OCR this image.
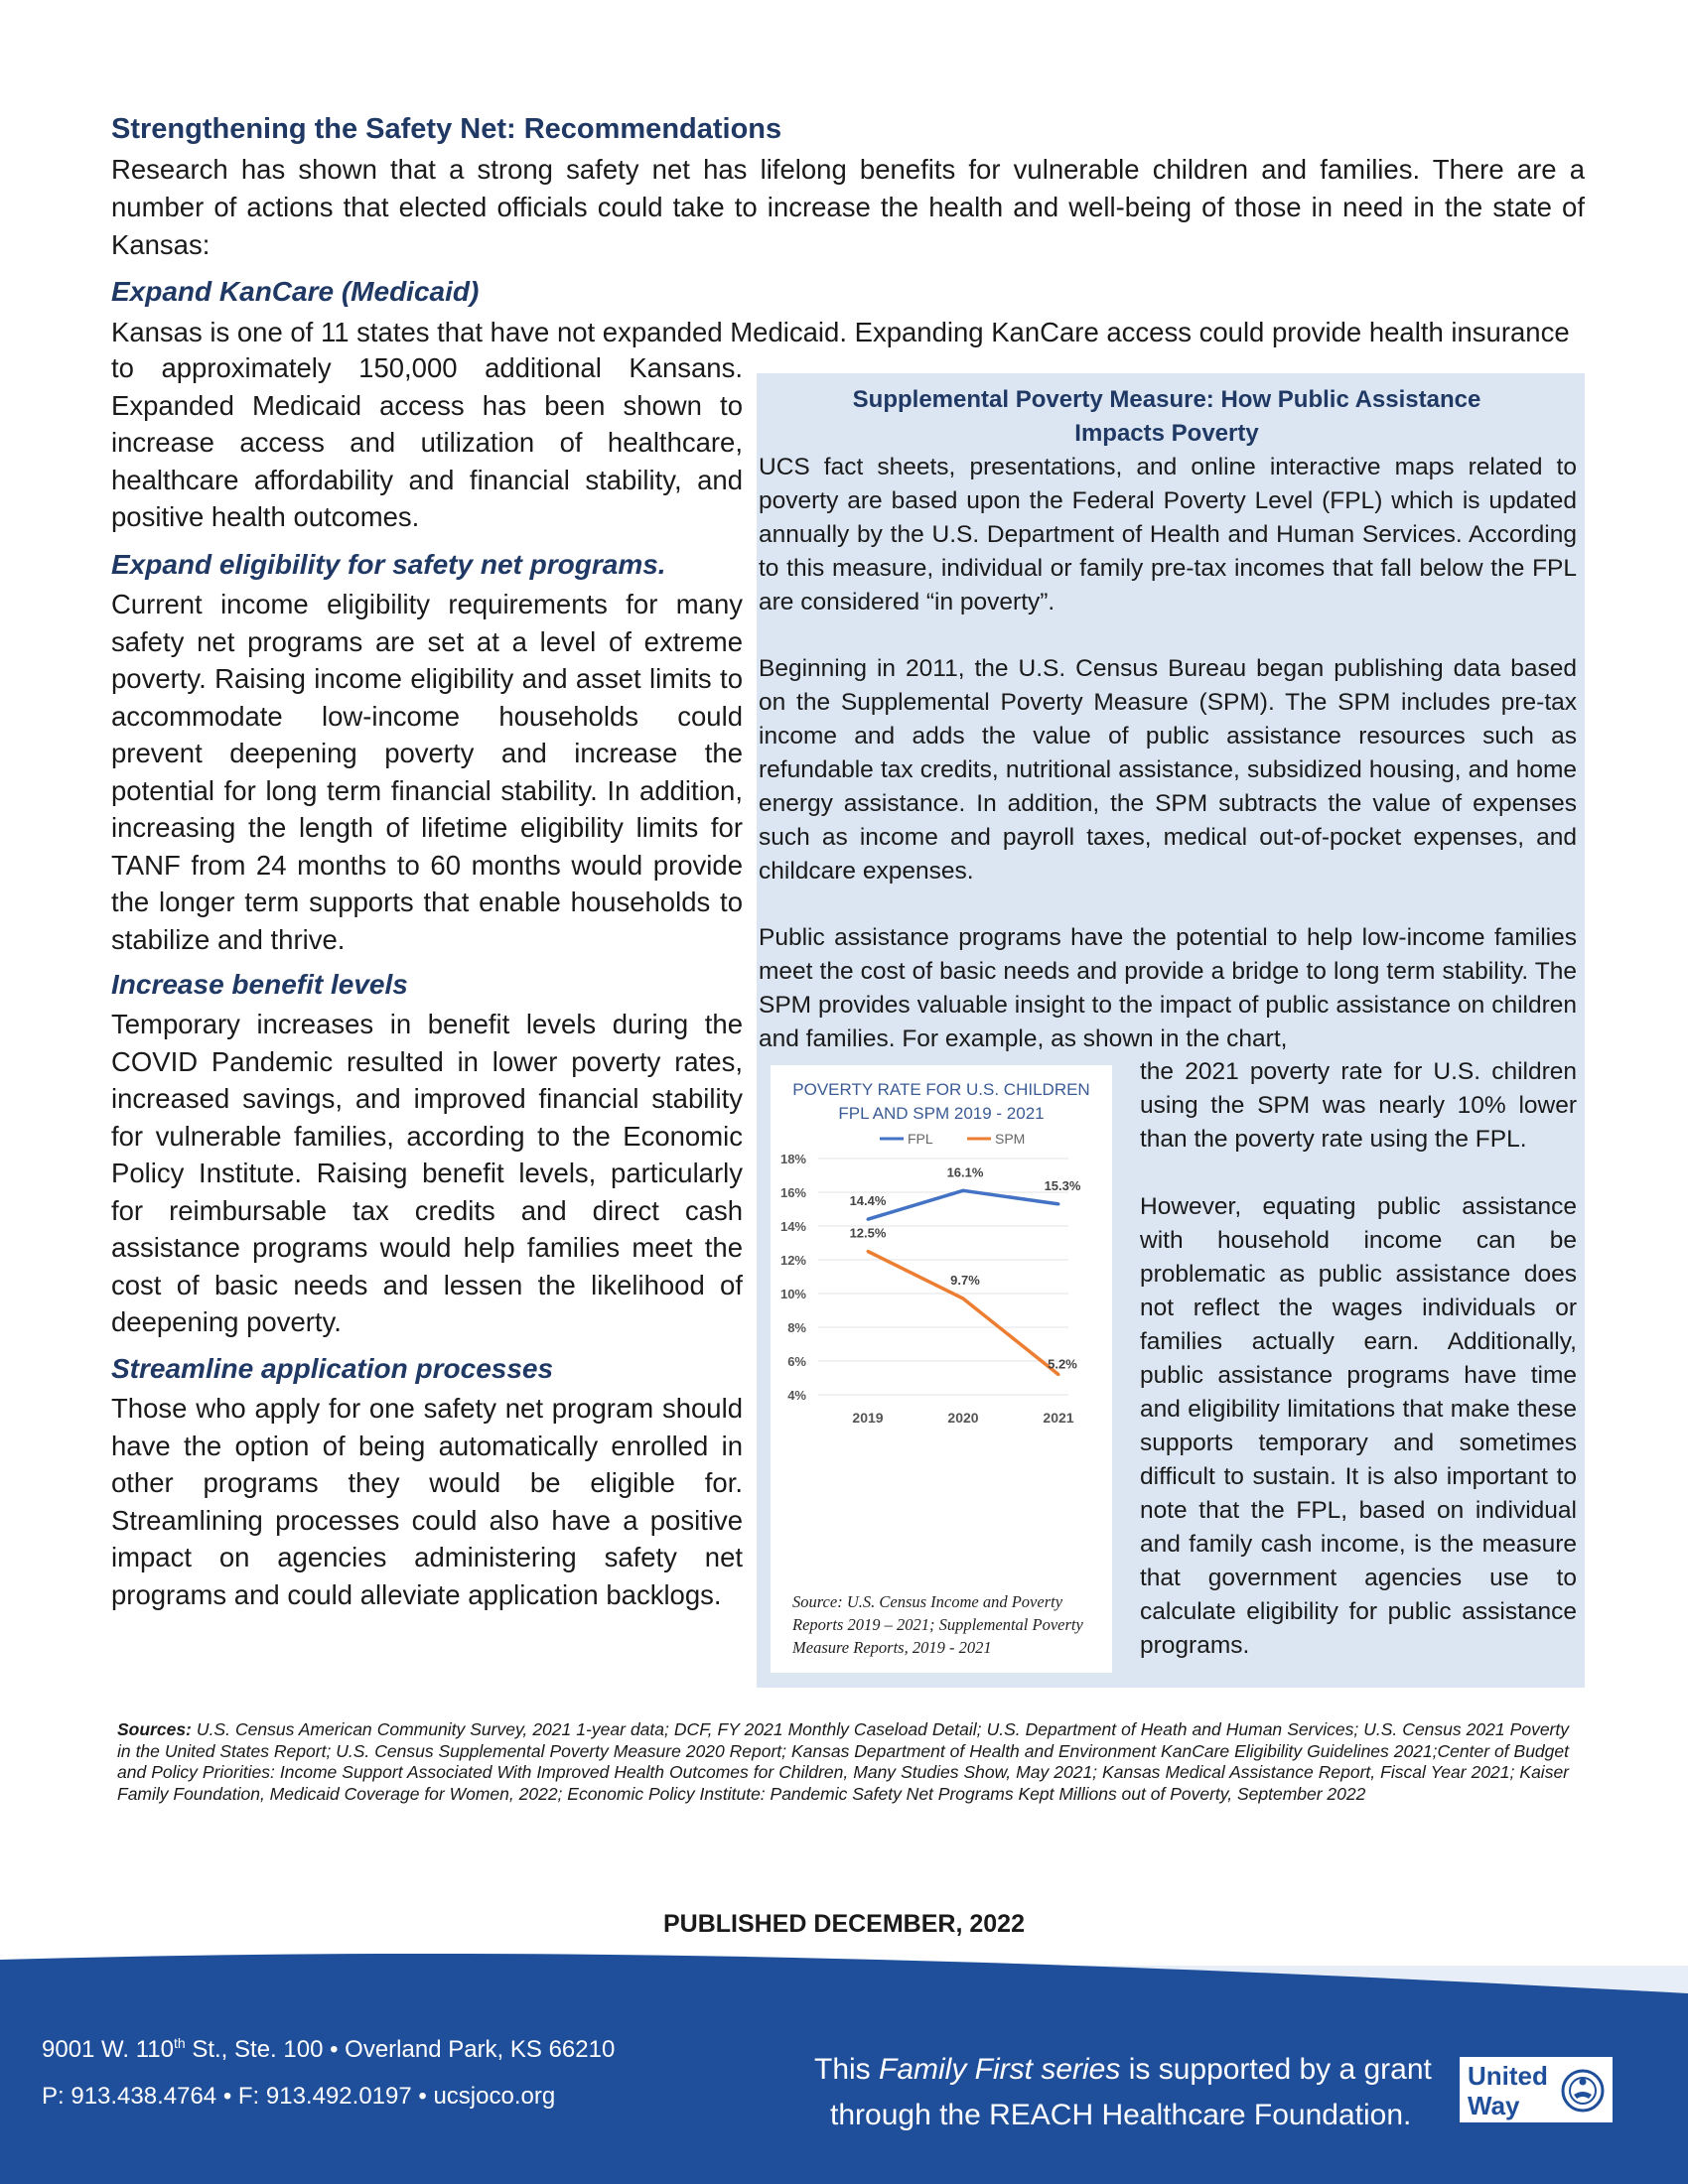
Strengthening the Safety Net: Recommendations
Research has shown that a strong safety net has lifelong benefits for vulnerable children and families. There are a number of actions that elected officials could take to increase the health and well-being of those in need in the state of Kansas:
Expand KanCare (Medicaid)
Kansas is one of 11 states that have not expanded Medicaid. Expanding KanCare access could provide health insurance
to approximately 150,000 additional Kansans. Expanded Medicaid access has been shown to increase access and utilization of healthcare, healthcare affordability and financial stability, and positive health outcomes.
Expand eligibility for safety net programs.
Current income eligibility requirements for many safety net programs are set at a level of extreme poverty. Raising income eligibility and asset limits to accommodate low-income households could prevent deepening poverty and increase the potential for long term financial stability. In addition, increasing the length of lifetime eligibility limits for TANF from 24 months to 60 months would provide the longer term supports that enable households to stabilize and thrive.
Increase benefit levels
Temporary increases in benefit levels during the COVID Pandemic resulted in lower poverty rates, increased savings, and improved financial stability for vulnerable families, according to the Economic Policy Institute. Raising benefit levels, particularly for reimbursable tax credits and direct cash assistance programs would help families meet the cost of basic needs and lessen the likelihood of deepening poverty.
Streamline application processes
Those who apply for one safety net program should have the option of being automatically enrolled in other programs they would be eligible for. Streamlining processes could also have a positive impact on agencies administering safety net programs and could alleviate application backlogs.
Supplemental Poverty Measure: How Public Assistance
Impacts Poverty
UCS fact sheets, presentations, and online interactive maps related to poverty are based upon the Federal Poverty Level (FPL) which is updated annually by the U.S. Department of Health and Human Services. According to this measure, individual or family pre-tax incomes that fall below the FPL are considered “in poverty”.
Beginning in 2011, the U.S. Census Bureau began publishing data based on the Supplemental Poverty Measure (SPM). The SPM includes pre-tax income and adds the value of public assistance resources such as refundable tax credits, nutritional assistance, subsidized housing, and home energy assistance. In addition, the SPM subtracts the value of expenses such as income and payroll taxes, medical out-of-pocket expenses, and childcare expenses.
Public assistance programs have the potential to help low-income families meet the cost of basic needs and provide a bridge to long term stability. The SPM provides valuable insight to the impact of public assistance on children and families. For example, as shown in the chart,
the 2021 poverty rate for U.S. children using the SPM was nearly 10% lower than the poverty rate using the FPL.
However, equating public assistance with household income can be problematic as public assistance does not reflect the wages individuals or families actually earn. Additionally, public assistance programs have time and eligibility limitations that make these supports temporary and sometimes difficult to sustain. It is also important to note that the FPL, based on individual and family cash income, is the measure that government agencies use to calculate eligibility for public assistance programs.
POVERTY RATE FOR U.S. CHILDREN
FPL AND SPM 2019 - 2021
FPL	SPM
4%
6%
8%
10%
12%
14%
16%
18%
2019	2020	2021
14.4%
16.1%
15.3%
12.5%
9.7%
5.2%
Source: U.S. Census Income and Poverty Reports 2019 – 2021; Supplemental Poverty Measure Reports, 2019 - 2021
Sources: U.S. Census American Community Survey, 2021 1-year data; DCF, FY 2021 Monthly Caseload Detail; U.S. Department of Heath and Human Services; U.S. Census 2021 Poverty in the United States Report; U.S. Census Supplemental Poverty Measure 2020 Report; Kansas Department of Health and Environment KanCare Eligibility Guidelines 2021;Center of Budget and Policy Priorities: Income Support Associated With Improved Health Outcomes for Children, Many Studies Show, May 2021; Kansas Medical Assistance Report, Fiscal Year 2021; Kaiser Family Foundation, Medicaid Coverage for Women, 2022; Economic Policy Institute: Pandemic Safety Net Programs Kept Millions out of Poverty, September 2022
PUBLISHED DECEMBER, 2022
9001 W. 110th St., Ste. 100 • Overland Park, KS 66210
P: 913.438.4764 • F: 913.492.0197 • ucsjoco.org
This Family First series is supported by a grant
through the REACH Healthcare Foundation.
United
Way
